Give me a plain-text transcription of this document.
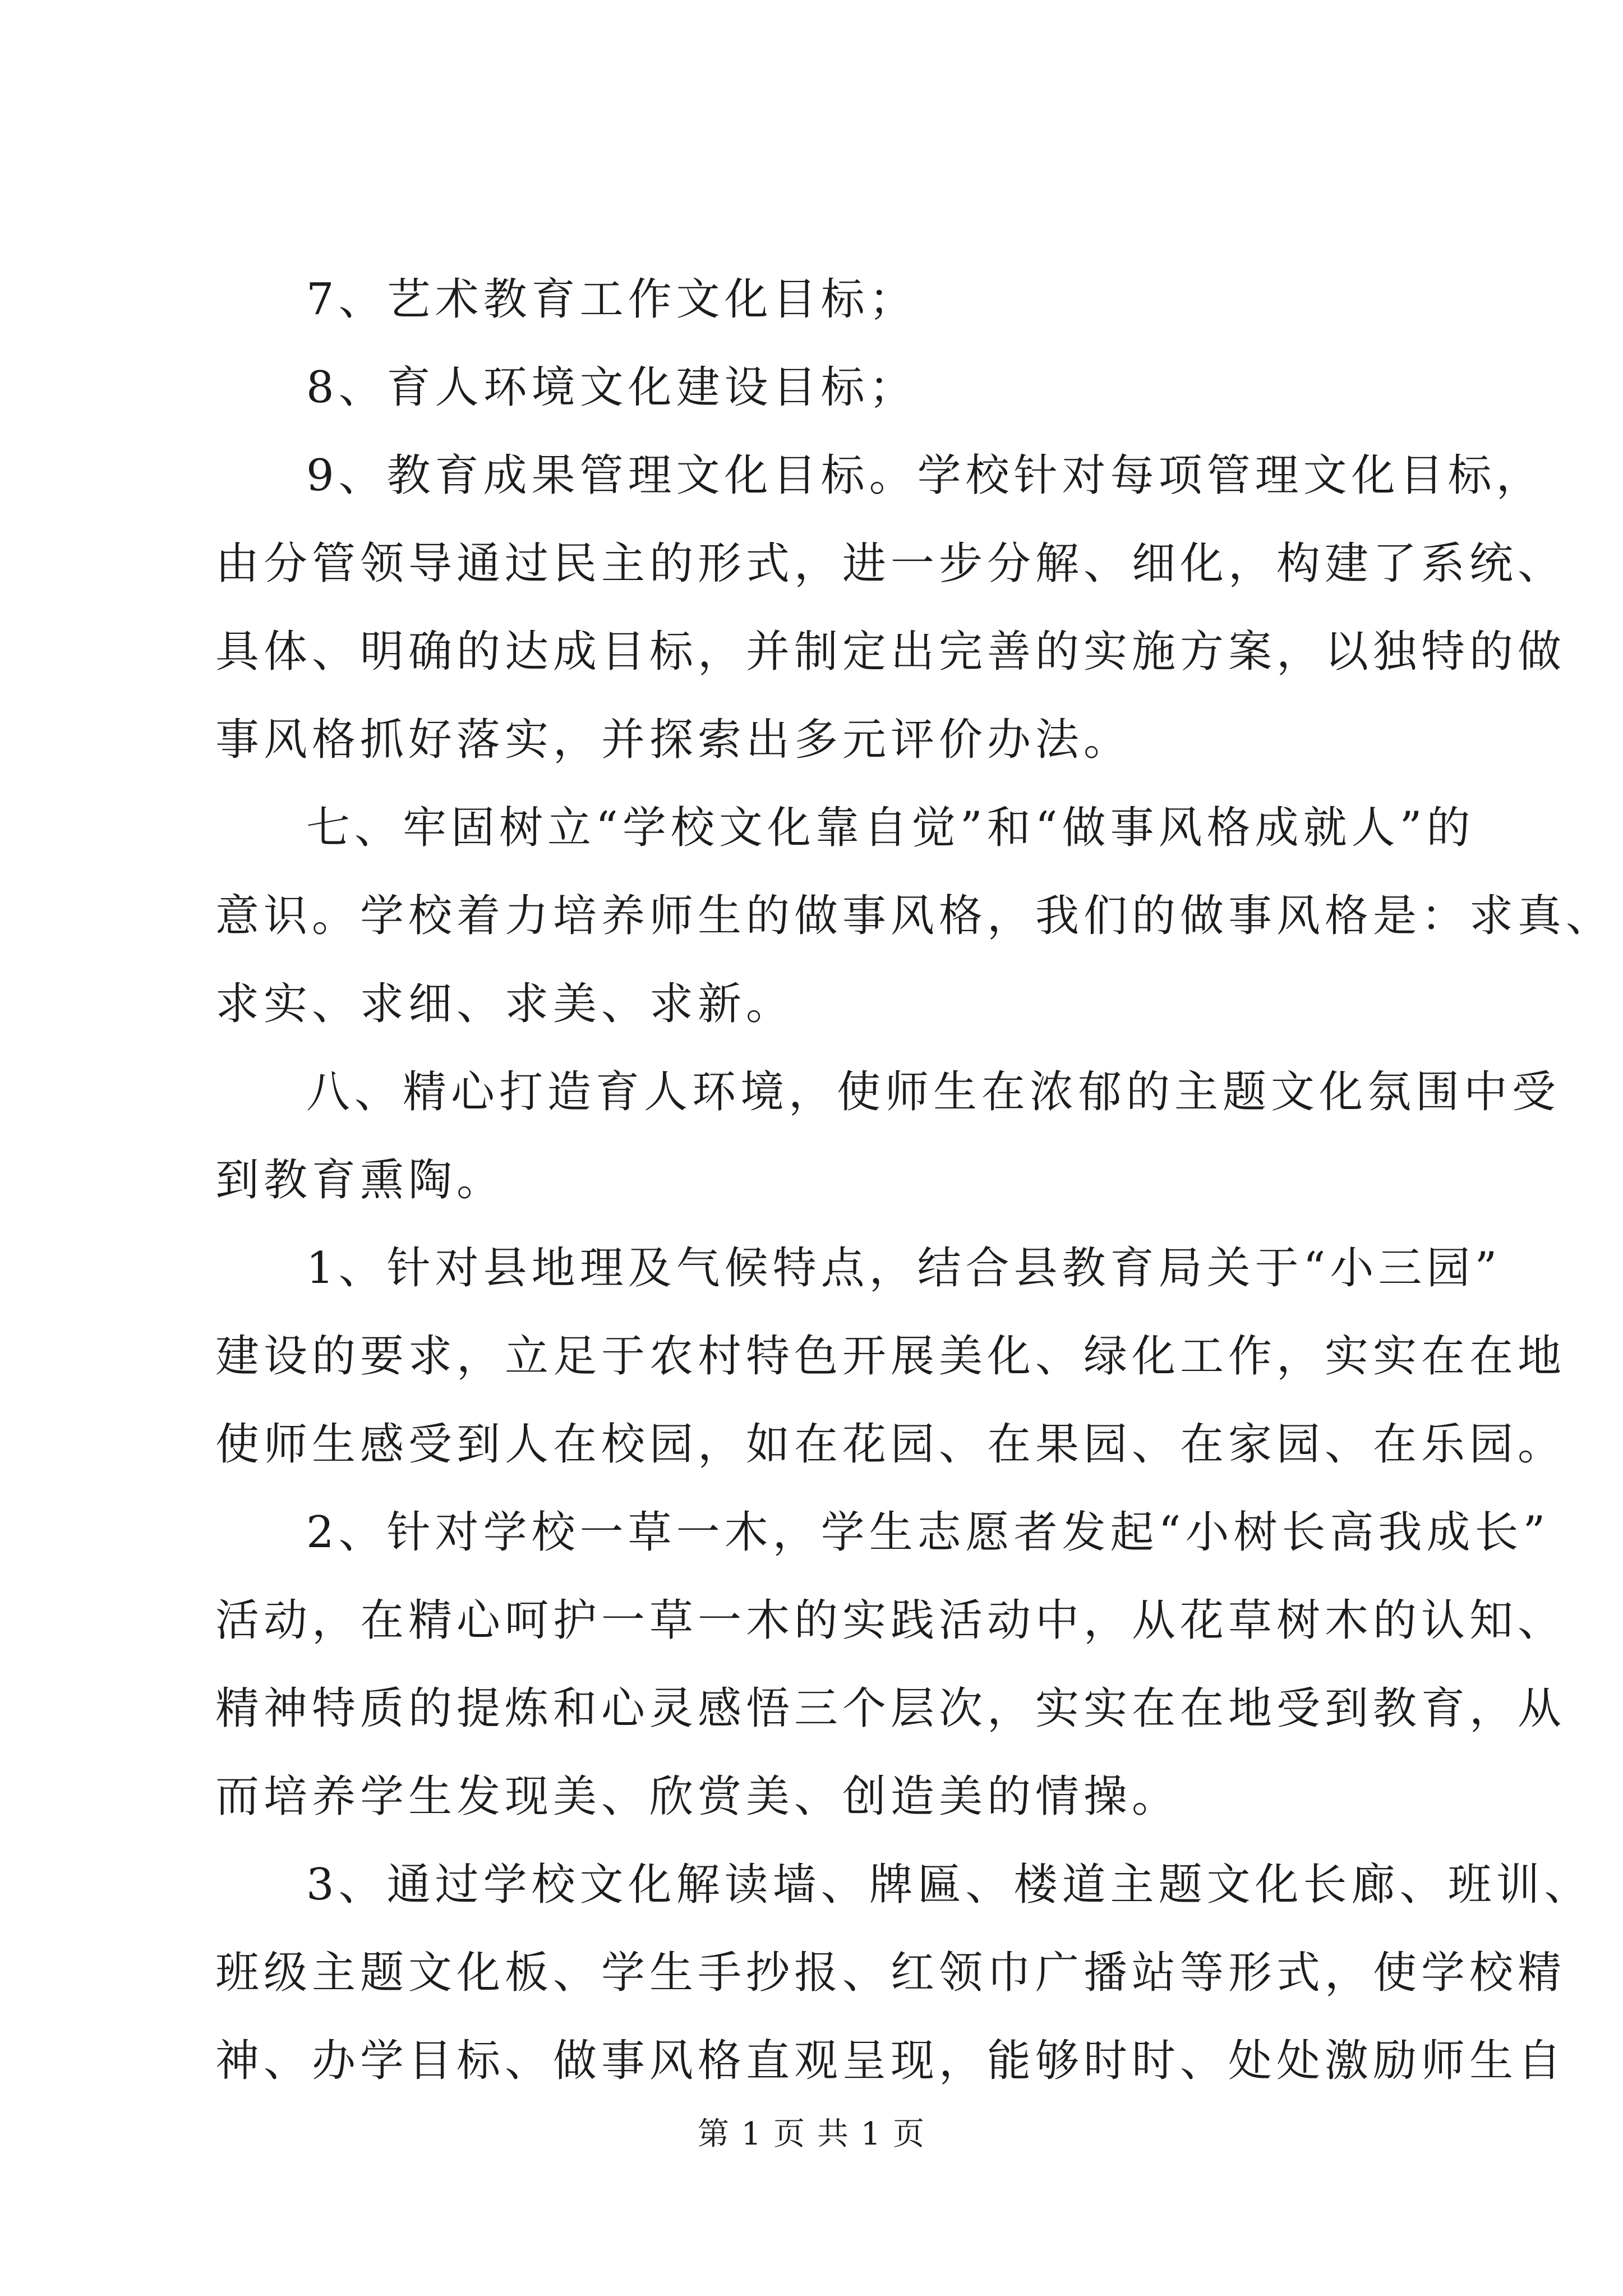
7、艺术教育工作文化目标；
8、育人环境文化建设目标；
9、教育成果管理文化目标。学校针对每项管理文化目标，
由分管领导通过民主的形式，进一步分解、细化，构建了系统、
具体、明确的达成目标，并制定出完善的实施方案，以独特的做
事风格抓好落实，并探索出多元评价办法。
七、牢固树立“学校文化靠自觉”和“做事风格成就人”的
意识。学校着力培养师生的做事风格，我们的做事风格是：求真、
求实、求细、求美、求新。
八、精心打造育人环境，使师生在浓郁的主题文化氛围中受
到教育熏陶。
1、针对县地理及气候特点，结合县教育局关于“小三园”
建设的要求，立足于农村特色开展美化、绿化工作，实实在在地
使师生感受到人在校园，如在花园、在果园、在家园、在乐园。
2、针对学校一草一木，学生志愿者发起“小树长高我成长”
活动，在精心呵护一草一木的实践活动中，从花草树木的认知、
精神特质的提炼和心灵感悟三个层次，实实在在地受到教育，从
而培养学生发现美、欣赏美、创造美的情操。
3、通过学校文化解读墙、牌匾、楼道主题文化长廊、班训、
班级主题文化板、学生手抄报、红领巾广播站等形式，使学校精
神、办学目标、做事风格直观呈现，能够时时、处处激励师生自
第 1 页 共 1 页
